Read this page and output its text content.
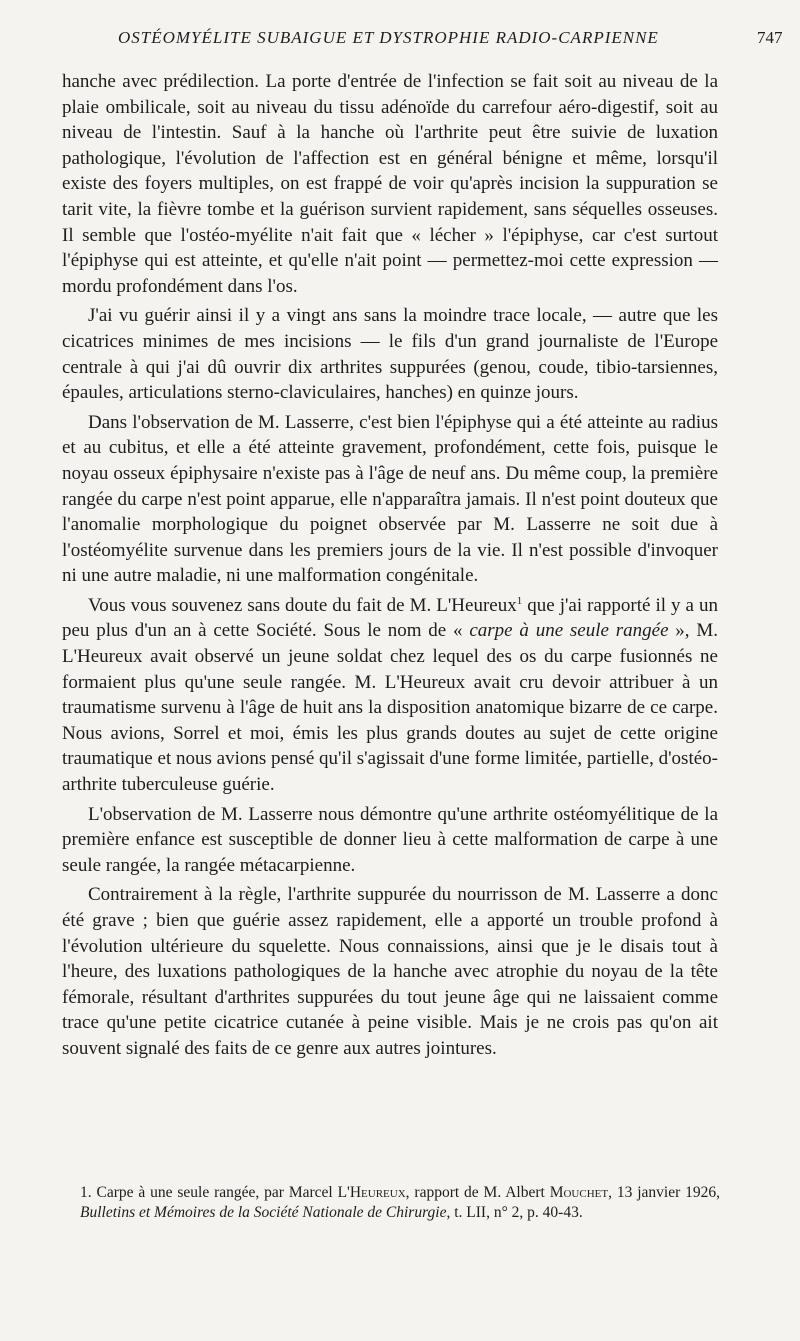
OSTÉOMYÉLITE SUBAIGUE ET DYSTROPHIE RADIO-CARPIENNE	747

hanche avec prédilection. La porte d'entrée de l'infection se fait soit au niveau de la plaie ombilicale, soit au niveau du tissu adénoïde du carrefour aéro-digestif, soit au niveau de l'intestin. Sauf à la hanche où l'arthrite peut être suivie de luxation pathologique, l'évolution de l'affection est en général bénigne et même, lorsqu'il existe des foyers multiples, on est frappé de voir qu'après incision la suppuration se tarit vite, la fièvre tombe et la guérison survient rapidement, sans séquelles osseuses. Il semble que l'ostéo-myélite n'ait fait que « lécher » l'épiphyse, car c'est surtout l'épiphyse qui est atteinte, et qu'elle n'ait point — permettez-moi cette expression — mordu profondément dans l'os.

J'ai vu guérir ainsi il y a vingt ans sans la moindre trace locale, — autre que les cicatrices minimes de mes incisions — le fils d'un grand journaliste de l'Europe centrale à qui j'ai dû ouvrir dix arthrites suppurées (genou, coude, tibio-tarsiennes, épaules, articulations sterno-claviculaires, hanches) en quinze jours.

Dans l'observation de M. Lasserre, c'est bien l'épiphyse qui a été atteinte au radius et au cubitus, et elle a été atteinte gravement, profondément, cette fois, puisque le noyau osseux épiphysaire n'existe pas à l'âge de neuf ans. Du même coup, la première rangée du carpe n'est point apparue, elle n'apparaîtra jamais. Il n'est point douteux que l'anomalie morphologique du poignet observée par M. Lasserre ne soit due à l'ostéomyélite survenue dans les premiers jours de la vie. Il n'est possible d'invoquer ni une autre maladie, ni une malformation congénitale.

Vous vous souvenez sans doute du fait de M. L'Heureux$^1$ que j'ai rapporté il y a un peu plus d'un an à cette Société. Sous le nom de « carpe à une seule rangée », M. L'Heureux avait observé un jeune soldat chez lequel des os du carpe fusionnés ne formaient plus qu'une seule rangée. M. L'Heureux avait cru devoir attribuer à un traumatisme survenu à l'âge de huit ans la disposition anatomique bizarre de ce carpe. Nous avions, Sorrel et moi, émis les plus grands doutes au sujet de cette origine traumatique et nous avions pensé qu'il s'agissait d'une forme limitée, partielle, d'ostéo-arthrite tuberculeuse guérie.

L'observation de M. Lasserre nous démontre qu'une arthrite ostéomyélitique de la première enfance est susceptible de donner lieu à cette malformation de carpe à une seule rangée, la rangée métacarpienne.

Contrairement à la règle, l'arthrite suppurée du nourrisson de M. Lasserre a donc été grave ; bien que guérie assez rapidement, elle a apporté un trouble profond à l'évolution ultérieure du squelette. Nous connaissions, ainsi que je le disais tout à l'heure, des luxations pathologiques de la hanche avec atrophie du noyau de la tête fémorale, résultant d'arthrites suppurées du tout jeune âge qui ne laissaient comme trace qu'une petite cicatrice cutanée à peine visible. Mais je ne crois pas qu'on ait souvent signalé des faits de ce genre aux autres jointures.

1. Carpe à une seule rangée, par Marcel L'Heureux, rapport de M. Albert Mouchet, 13 janvier 1926, Bulletins et Mémoires de la Société Nationale de Chirurgie, t. LII, n° 2, p. 40-43.
